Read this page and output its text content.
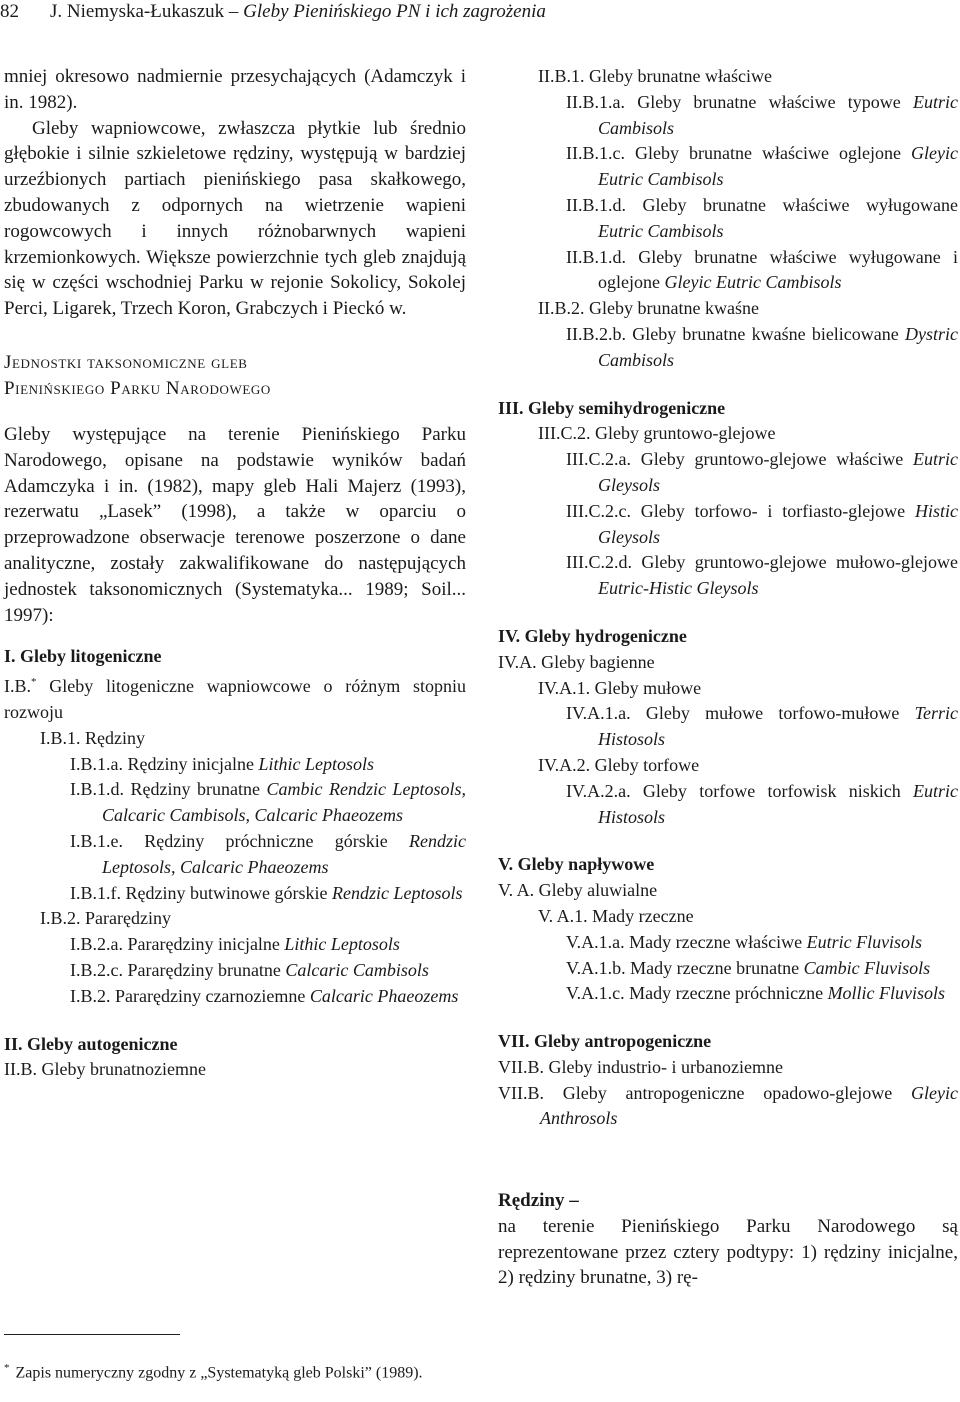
82 J. Niemyska-Łukaszuk – Gleby Pienińskiego PN i ich zagrożenia

mniej okresowo nadmiernie przesychających (Adamczyk i in. 1982).

Gleby wapniowcowe, zwłaszcza płytkie lub średnio głębokie i silnie szkieletowe rędziny, występują w bardziej urzeźbionych partiach pienińskiego pasa skałkowego, zbudowanych z odpornych na wietrzenie wapieni rogowcowych i innych różnobarwnych wapieni krzemionkowych. Większe powierzchnie tych gleb znajdują się w części wschodniej Parku w rejonie Sokolicy, Sokolej Perci, Ligarek, Trzech Koron, Grabczych i Pieckó w.

Jednostki taksonomiczne gleb
Pienińskiego Parku Narodowego

Gleby występujące na terenie Pienińskiego Parku Narodowego, opisane na podstawie wyników badań Adamczyka i in. (1982), mapy gleb Hali Majerz (1993), rezerwatu „Lasek” (1998), a także w oparciu o przeprowadzone obserwacje terenowe poszerzone o dane analityczne, zostały zakwalifikowane do następujących jednostek taksonomicznych (Systematyka... 1989; Soil... 1997):

I. Gleby litogeniczne
I.B.* Gleby litogeniczne wapniowcowe o różnym stopniu rozwoju
I.B.1. Rędziny
I.B.1.a. Rędziny inicjalne Lithic Leptosols
I.B.1.d. Rędziny brunatne Cambic Rendzic Leptosols, Calcaric Cambisols, Calcaric Phaeozems
I.B.1.e. Rędziny próchniczne górskie Rendzic Leptosols, Calcaric Phaeozems
I.B.1.f. Rędziny butwinowe górskie Rendzic Leptosols
I.B.2. Pararędziny
I.B.2.a. Pararędziny inicjalne Lithic Leptosols
I.B.2.c. Pararędziny brunatne Calcaric Cambisols
I.B.2. Pararędziny czarnoziemne Calcaric Phaeozems
II. Gleby autogeniczne
II.B. Gleby brunatnoziemne
* Zapis numeryczny zgodny z „Systematyką gleb Polski” (1989).
II.B.1. Gleby brunatne właściwe
II.B.1.a. Gleby brunatne właściwe typowe Eutric Cambisols
II.B.1.c. Gleby brunatne właściwe oglejone Gleyic Eutric Cambisols
II.B.1.d. Gleby brunatne właściwe wyługowane Eutric Cambisols
II.B.1.d. Gleby brunatne właściwe wyługowane i oglejone Gleyic Eutric Cambisols
II.B.2. Gleby brunatne kwaśne
II.B.2.b. Gleby brunatne kwaśne bielicowane Dystric Cambisols
III. Gleby semihydrogeniczne
III.C.2. Gleby gruntowo-glejowe
III.C.2.a. Gleby gruntowo-glejowe właściwe Eutric Gleysols
III.C.2.c. Gleby torfowo- i torfiasto-glejowe Histic Gleysols
III.C.2.d. Gleby gruntowo-glejowe mułowo-glejowe Eutric-Histic Gleysols
IV. Gleby hydrogeniczne
IV.A. Gleby bagienne
IV.A.1. Gleby mułowe
IV.A.1.a. Gleby mułowe torfowo-mułowe Terric Histosols
IV.A.2. Gleby torfowe
IV.A.2.a. Gleby torfowe torfowisk niskich Eutric Histosols
V. Gleby napływowe
V. A. Gleby aluwialne
V. A.1. Mady rzeczne
V.A.1.a. Mady rzeczne właściwe Eutric Fluvisols
V.A.1.b. Mady rzeczne brunatne Cambic Fluvisols
V.A.1.c. Mady rzeczne próchniczne Mollic Fluvisols
VII. Gleby antropogeniczne
VII.B. Gleby industrio- i urbanoziemne
VII.B. Gleby antropogeniczne opadowo-glejowe Gleyic Anthrosols

Rędziny –
na terenie Pienińskiego Parku Narodowego są reprezentowane przez cztery podtypy: 1) rędziny inicjalne, 2) rędziny brunatne, 3) rę-
